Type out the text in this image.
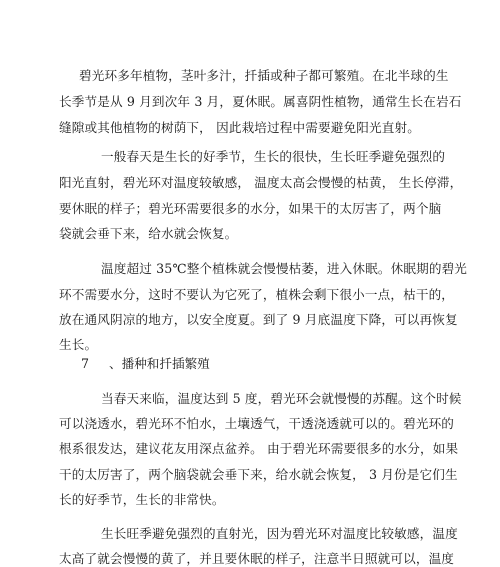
碧光环多年植物，茎叶多汁，扦插或种子都可繁殖。在北半球的生
长季节是从 9 月到次年 3 月，夏休眠。属喜阴性植物，通常生长在岩石
缝隙或其他植物的树荫下， 因此栽培过程中需要避免阳光直射。
一般春天是生长的好季节，生长的很快，生长旺季避免强烈的
阳光直射，碧光环对温度较敏感， 温度太高会慢慢的枯黄， 生长停滞，
要休眠的样子；碧光环需要很多的水分，如果干的太厉害了，两个脑
袋就会垂下来，给水就会恢复。
温度超过 35℃整个植株就会慢慢枯萎，进入休眠。休眠期的碧光
环不需要水分，这时不要认为它死了，植株会剩下很小一点，枯干的，
放在通风阴凉的地方，以安全度夏。到了 9 月底温度下降，可以再恢复
生长。
7 、播种和扦插繁殖
当春天来临，温度达到 5 度，碧光环会就慢慢的苏醒。这个时候
可以浇透水，碧光环不怕水，土壤透气，干透浇透就可以的。碧光环的
根系很发达，建议花友用深点盆养。 由于碧光环需要很多的水分，如果
干的太厉害了，两个脑袋就会垂下来，给水就会恢复， 3 月份是它们生
长的好季节，生长的非常快。
生长旺季避免强烈的直射光，因为碧光环对温度比较敏感，温度
太高了就会慢慢的黄了，并且要休眠的样子，注意半日照就可以，温度
